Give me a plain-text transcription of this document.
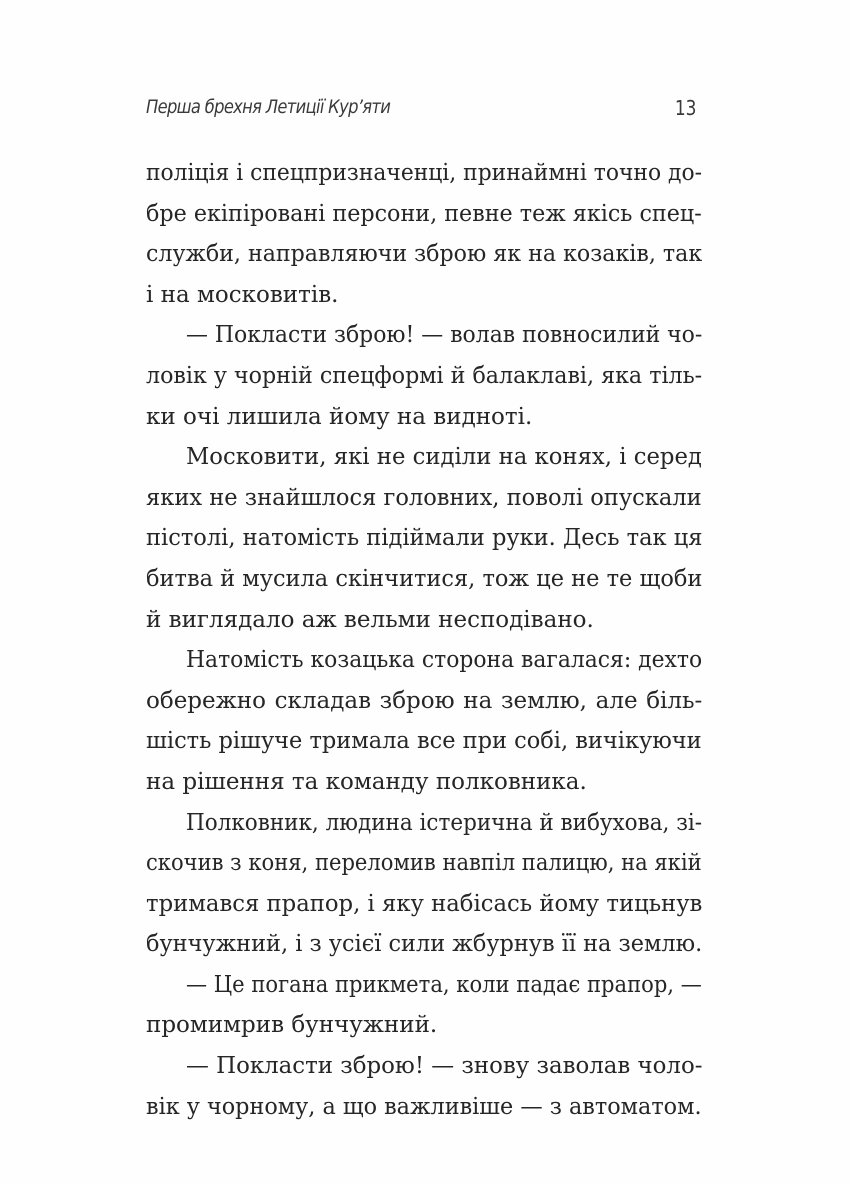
Перша брехня Летиції Кур’яти	13
поліція і спецпризначенці, принаймні точно до-
бре екіпіровані персони, певне теж якісь спец-
служби, направляючи зброю як на козаків, так
і на московитів.
— Покласти зброю! — волав повносилий чо-
ловік у чорній спецформі й балаклаві, яка тіль-
ки очі лишила йому на видноті.
Московити, які не сиділи на конях, і серед
яких не знайшлося головних, поволі опускали
пістолі, натомість підіймали руки. Десь так ця
битва й мусила скінчитися, тож це не те щоби
й виглядало аж вельми несподівано.
Натомість козацька сторона вагалася: дехто
обережно складав зброю на землю, але біль-
шість рішуче тримала все при собі, вичікуючи
на рішення та команду полковника.
Полковник, людина істерична й вибухова, зі-
скочив з коня, переломив навпіл палицю, на якій
тримався прапор, і яку набісась йому тицьнув
бунчужний, і з усієї сили жбурнув її на землю.
— Це погана прикмета, коли падає прапор, —
промимрив бунчужний.
— Покласти зброю! — знову заволав чоло-
вік у чорному, а що важливіше — з автоматом.
